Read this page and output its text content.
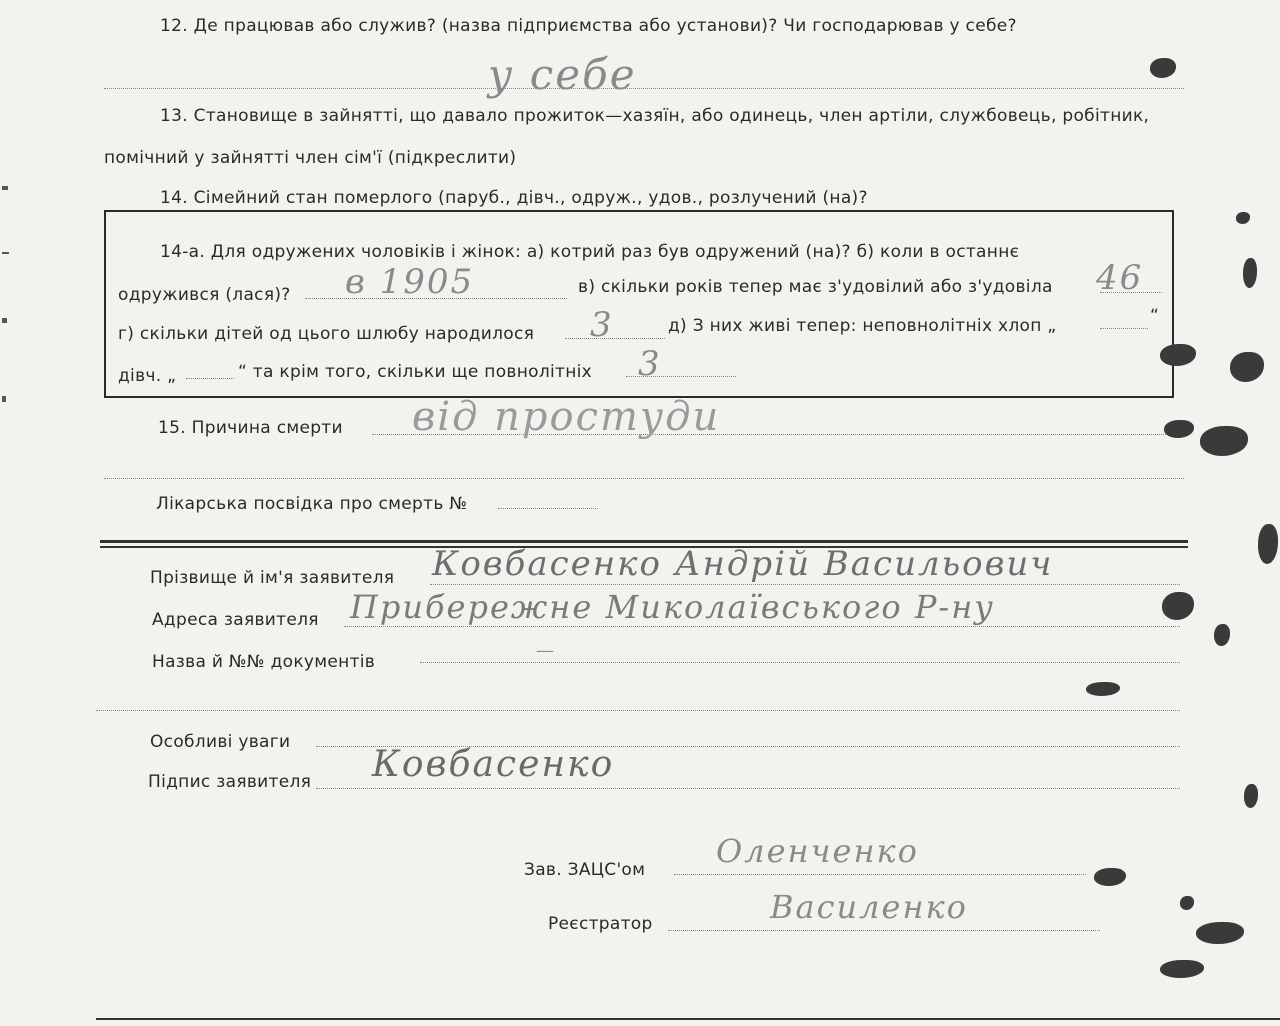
12. Де працював або служив? (назва підприємства або установи)? Чи господарював у себе?
у себе
13. Становище в зайнятті, що давало прожиток—хазяїн, або одинець, член артіли, службовець, робітник,
помічний у зайнятті член сім'ї (підкреслити)
14. Сімейний стан померлого (паруб., дівч., одруж., удов., розлучений (на)?
14-а. Для одружених чоловіків і жінок: а) котрий раз був одружений (на)? б) коли в останнє
одружився (лася)? в 1905	в) скільки років тепер має з'удовілий або з'удовіла 46
г) скільки дітей од цього шлюбу народилося 3	д) З них живі тепер: неповнолітніх хлоп „	“
дівч. „	“ та крім того, скільки ще повнолітніх 3
15. Причина смерти від простуди
Лікарська посвідка про смерть №
Прізвище й ім'я заявителя Ковбасенко Андрій Васильович
Адреса заявителя Прибережне Миколаївського Р-ну
Назва й №№ документів
—
Особливі уваги
Підпис заявителя Ковбасенко
Зав. ЗАЦС'ом Оленченко
Реєстратор	Василенко
